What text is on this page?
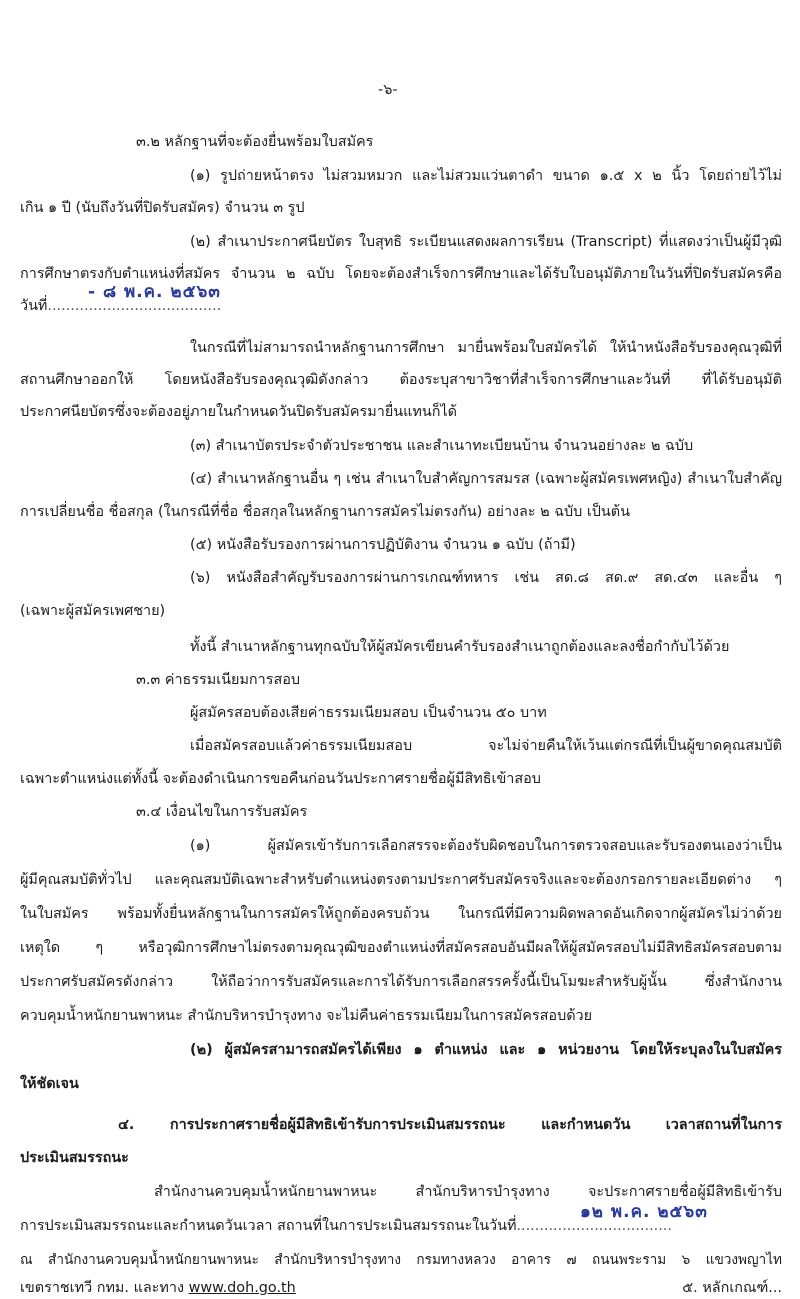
-๖-
๓.๒ หลักฐานที่จะต้องยื่นพร้อมใบสมัคร
(๑) รูปถ่ายหน้าตรง ไม่สวมหมวก และไม่สวมแว่นตาดำ ขนาด ๑.๕ x ๒ นิ้ว โดยถ่ายไว้ไม่
เกิน ๑ ปี (นับถึงวันที่ปิดรับสมัคร) จำนวน ๓ รูป
(๒) สำเนาประกาศนียบัตร ใบสุทธิ ระเบียนแสดงผลการเรียน (Transcript) ที่แสดงว่าเป็นผู้มีวุฒิ
การศึกษาตรงกับตำแหน่งที่สมัคร จำนวน ๒ ฉบับ โดยจะต้องสำเร็จการศึกษาและได้รับใบอนุมัติภายในวันที่ปิดรับสมัครคือ
วันที่......................................
- ๘ พ.ค. ๒๕๖๓
ในกรณีที่ไม่สามารถนำหลักฐานการศึกษา มายื่นพร้อมใบสมัครได้ ให้นำหนังสือรับรองคุณวุฒิที่
สถานศึกษาออกให้ โดยหนังสือรับรองคุณวุฒิดังกล่าว ต้องระบุสาขาวิชาที่สำเร็จการศึกษาและวันที่ ที่ได้รับอนุมัติ
ประกาศนียบัตรซึ่งจะต้องอยู่ภายในกำหนดวันปิดรับสมัครมายื่นแทนก็ได้
(๓) สำเนาบัตรประจำตัวประชาชน และสำเนาทะเบียนบ้าน จำนวนอย่างละ ๒ ฉบับ
(๔) สำเนาหลักฐานอื่น ๆ เช่น สำเนาใบสำคัญการสมรส (เฉพาะผู้สมัครเพศหญิง) สำเนาใบสำคัญ
การเปลี่ยนชื่อ ชื่อสกุล (ในกรณีที่ชื่อ ชื่อสกุลในหลักฐานการสมัครไม่ตรงกัน) อย่างละ ๒ ฉบับ เป็นต้น
(๕) หนังสือรับรองการผ่านการปฏิบัติงาน จำนวน ๑ ฉบับ (ถ้ามี)
(๖) หนังสือสำคัญรับรองการผ่านการเกณฑ์ทหาร เช่น สด.๘ สด.๙ สด.๔๓ และอื่น ๆ
(เฉพาะผู้สมัครเพศชาย)
ทั้งนี้ สำเนาหลักฐานทุกฉบับให้ผู้สมัครเขียนคำรับรองสำเนาถูกต้องและลงชื่อกำกับไว้ด้วย
๓.๓ ค่าธรรมเนียมการสอบ
ผู้สมัครสอบต้องเสียค่าธรรมเนียมสอบ เป็นจำนวน ๕๐ บาท
เมื่อสมัครสอบแล้วค่าธรรมเนียมสอบ จะไม่จ่ายคืนให้เว้นแต่กรณีที่เป็นผู้ขาดคุณสมบัติ
เฉพาะตำแหน่งแต่ทั้งนี้ จะต้องดำเนินการขอคืนก่อนวันประกาศรายชื่อผู้มีสิทธิเข้าสอบ
๓.๔ เงื่อนไขในการรับสมัคร
(๑) ผู้สมัครเข้ารับการเลือกสรรจะต้องรับผิดชอบในการตรวจสอบและรับรองตนเองว่าเป็น
ผู้มีคุณสมบัติทั่วไป และคุณสมบัติเฉพาะสำหรับตำแหน่งตรงตามประกาศรับสมัครจริงและจะต้องกรอกรายละเอียดต่าง ๆ
ในใบสมัคร พร้อมทั้งยื่นหลักฐานในการสมัครให้ถูกต้องครบถ้วน ในกรณีที่มีความผิดพลาดอันเกิดจากผู้สมัครไม่ว่าด้วย
เหตุใด ๆ หรือวุฒิการศึกษาไม่ตรงตามคุณวุฒิของตำแหน่งที่สมัครสอบอันมีผลให้ผู้สมัครสอบไม่มีสิทธิสมัครสอบตาม
ประกาศรับสมัครดังกล่าว ให้ถือว่าการรับสมัครและการได้รับการเลือกสรรครั้งนี้เป็นโมฆะสำหรับผู้นั้น ซึ่งสำนักงาน
ควบคุมน้ำหนักยานพาหนะ สำนักบริหารบำรุงทาง จะไม่คืนค่าธรรมเนียมในการสมัครสอบด้วย
(๒) ผู้สมัครสามารถสมัครได้เพียง ๑ ตำแหน่ง และ ๑ หน่วยงาน โดยให้ระบุลงในใบสมัคร
ให้ชัดเจน
๔. การประกาศรายชื่อผู้มีสิทธิเข้ารับการประเมินสมรรถนะ และกำหนดวัน เวลาสถานที่ในการ
ประเมินสมรรถนะ
สำนักงานควบคุมน้ำหนักยานพาหนะ สำนักบริหารบำรุงทาง จะประกาศรายชื่อผู้มีสิทธิเข้ารับ
การประเมินสมรรถนะและกำหนดวันเวลา สถานที่ในการประเมินสมรรถนะในวันที่..................................
๑๒ พ.ค. ๒๕๖๓
ณ สำนักงานควบคุมน้ำหนักยานพาหนะ สำนักบริหารบำรุงทาง กรมทางหลวง อาคาร ๗ ถนนพระราม ๖ แขวงพญาไท
เขตราชเทวี กทม. และทาง www.doh.go.th	๕. หลักเกณฑ์...
